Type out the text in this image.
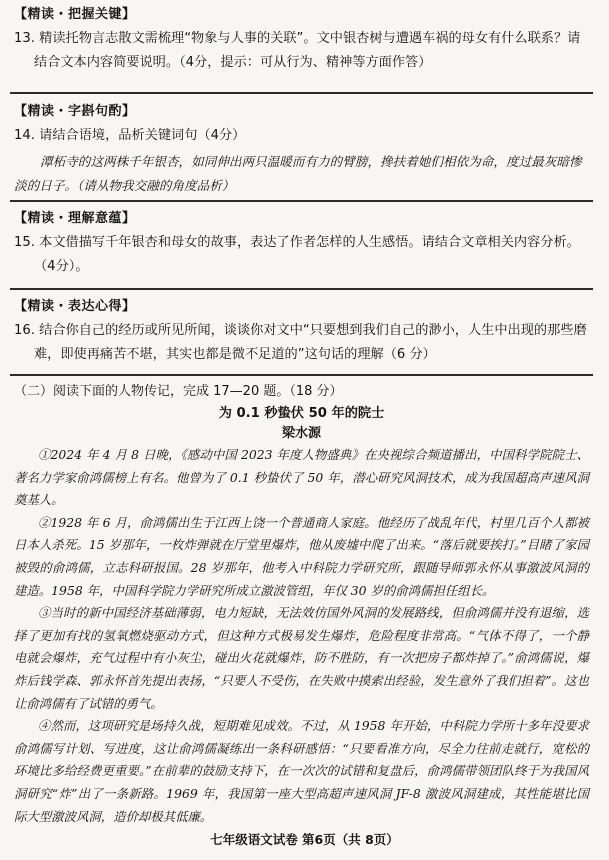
【精读・把握关键】
13. 精读托物言志散文需梳理“物象与人事的关联”。文中银杏树与遭遇车祸的母女有什么联系？请结合文本内容简要说明。（4分，提示：可从行为、精神等方面作答）
【精读・字斟句酌】
14. 请结合语境，品析关键词句（4分）
潭柘寺的这两株千年银杏，如同伸出两只温暖而有力的臂膀，搀扶着她们相依为命，度过最灰暗惨淡的日子。（请从物我交融的角度品析）
【精读・理解意蕴】
15. 本文借描写千年银杏和母女的故事，表达了作者怎样的人生感悟。请结合文章相关内容分析。（4分）。
【精读・表达心得】
16. 结合你自己的经历或所见所闻，谈谈你对文中“只要想到我们自己的渺小，人生中出现的那些磨难，即使再痛苦不堪，其实也都是微不足道的”这句话的理解（6 分）
（二）阅读下面的人物传记，完成 17—20 题。（18 分）
为 0.1 秒蛰伏 50 年的院士
梁水源
①2024 年 4 月 8 日晚，《感动中国 2023 年度人物盛典》在央视综合频道播出，中国科学院院士、著名力学家俞鸿儒榜上有名。他曾为了 0.1 秒蛰伏了 50 年，潜心研究风洞技术，成为我国超高声速风洞奠基人。
②1928 年 6 月，俞鸿儒出生于江西上饶一个普通商人家庭。他经历了战乱年代，村里几百个人都被日本人杀死。15 岁那年，一枚炸弹就在厅堂里爆炸，他从废墟中爬了出来。“落后就要挨打。”目睹了家园被毁的俞鸿儒，立志科研报国。28 岁那年，他考入中科院力学研究所，跟随导师郭永怀从事激波风洞的建造。1958 年，中国科学院力学研究所成立激波管组，年仅 30 岁的俞鸿儒担任组长。
③当时的新中国经济基础薄弱，电力短缺，无法效仿国外风洞的发展路线，但俞鸿儒并没有退缩，选择了更加有找的氢氧燃烧驱动方式，但这种方式极易发生爆炸，危险程度非常高。“气体不得了，一个静电就会爆炸，充气过程中有小灰尘，碰出火花就爆炸，防不胜防，有一次把房子都炸掉了。”俞鸿儒说，爆炸后钱学森、郭永怀首先提出表扬，“只要人不受伤，在失败中摸索出经验，发生意外了我们担着”。这也让俞鸿儒有了试错的勇气。
④然而，这项研究是场持久战，短期难见成效。不过，从 1958 年开始，中科院力学所十多年没要求俞鸿儒写计划、写进度，这让俞鸿儒凝练出一条科研感悟：“只要看准方向，尽全力往前走就行，宽松的环境比多给经费更重要。”在前辈的鼓励支持下，在一次次的试错和复盘后，俞鸿儒带领团队终于为我国风洞研究“炸”出了一条新路。1969 年，我国第一座大型高超声速风洞 JF-8 激波风洞建成，其性能堪比国际大型激波风洞，造价却极其低廉。
七年级语文试卷 第6页（共 8页）
